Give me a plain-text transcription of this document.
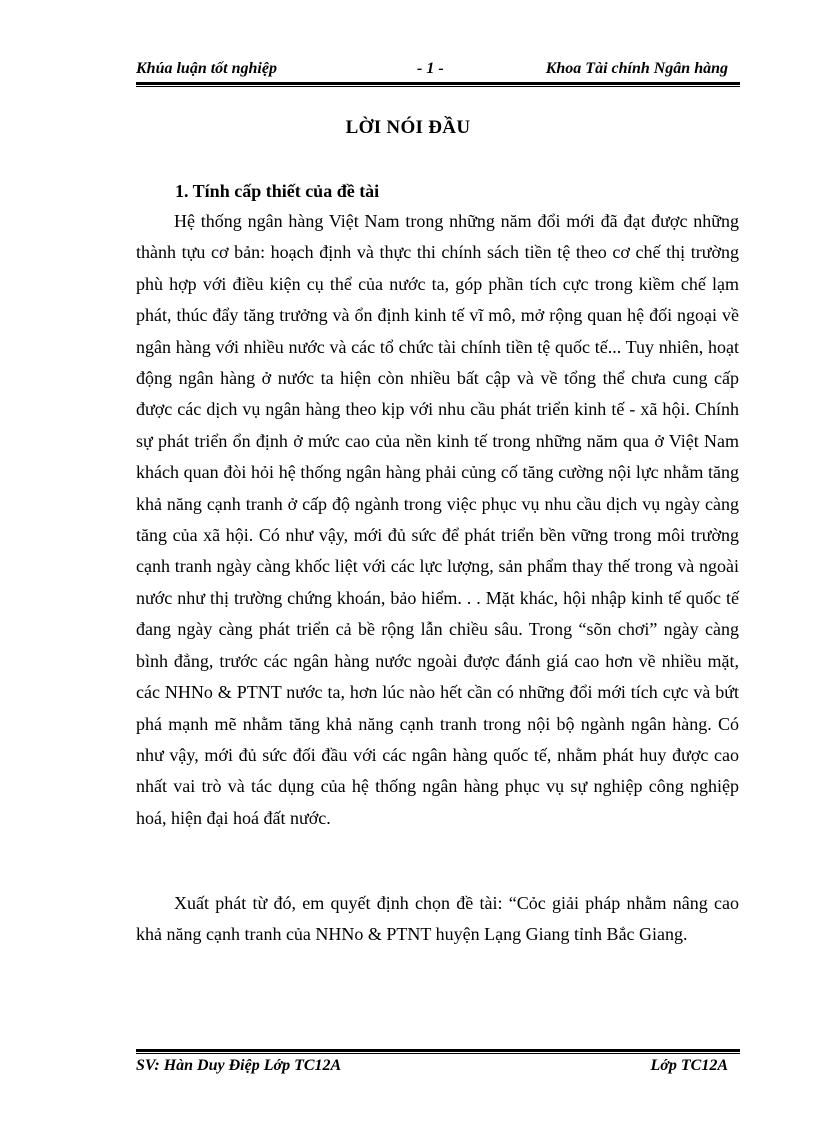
Khúa luận tốt nghiệp	- 1 -	Khoa Tài chính Ngân hàng
LỜI NÓI ĐẦU
1. Tính cấp thiết của đề tài

Hệ thống ngân hàng Việt Nam trong những năm đổi mới đã đạt được những thành tựu cơ bản: hoạch định và thực thi chính sách tiền tệ theo cơ chế thị trường phù hợp với điều kiện cụ thể của nước ta, góp phần tích cực trong kiềm chế lạm phát, thúc đẩy tăng trưởng và ổn định kinh tế vĩ mô, mở rộng quan hệ đối ngoại về ngân hàng với nhiều nước và các tổ chức tài chính tiền tệ quốc tế... Tuy nhiên, hoạt động ngân hàng ở nước ta hiện còn nhiều bất cập và về tổng thể chưa cung cấp được các dịch vụ ngân hàng theo kịp với nhu cầu phát triển kinh tế - xã hội. Chính sự phát triển ổn định ở mức cao của nền kinh tế trong những năm qua ở Việt Nam khách quan đòi hỏi hệ thống ngân hàng phải củng cố tăng cường nội lực nhằm tăng khả năng cạnh tranh ở cấp độ ngành trong việc phục vụ nhu cầu dịch vụ ngày càng tăng của xã hội. Có như vậy, mới đủ sức để phát triển bền vững trong môi trường cạnh tranh ngày càng khốc liệt với các lực lượng, sản phẩm thay thế trong và ngoài nước như thị trường chứng khoán, bảo hiểm. . . Mặt khác, hội nhập kinh tế quốc tế đang ngày càng phát triển cả bề rộng lẫn chiều sâu. Trong “sõn chơi” ngày càng bình đẳng, trước các ngân hàng nước ngoài được đánh giá cao hơn về nhiều mặt, các NHNo & PTNT nước ta, hơn lúc nào hết cần có những đổi mới tích cực và bứt phá mạnh mẽ nhằm tăng khả năng cạnh tranh trong nội bộ ngành ngân hàng. Có như vậy, mới đủ sức đối đầu với các ngân hàng quốc tế, nhằm phát huy được cao nhất vai trò và tác dụng của hệ thống ngân hàng phục vụ sự nghiệp công nghiệp hoá, hiện đại hoá đất nước.

Xuất phát từ đó, em quyết định chọn đề tài: “Cỏc giải pháp nhằm nâng cao khả năng cạnh tranh của NHNo & PTNT huyện Lạng Giang tỉnh Bắc Giang.

SV: Hàn Duy Điệp Lớp TC12A	Lớp TC12A
